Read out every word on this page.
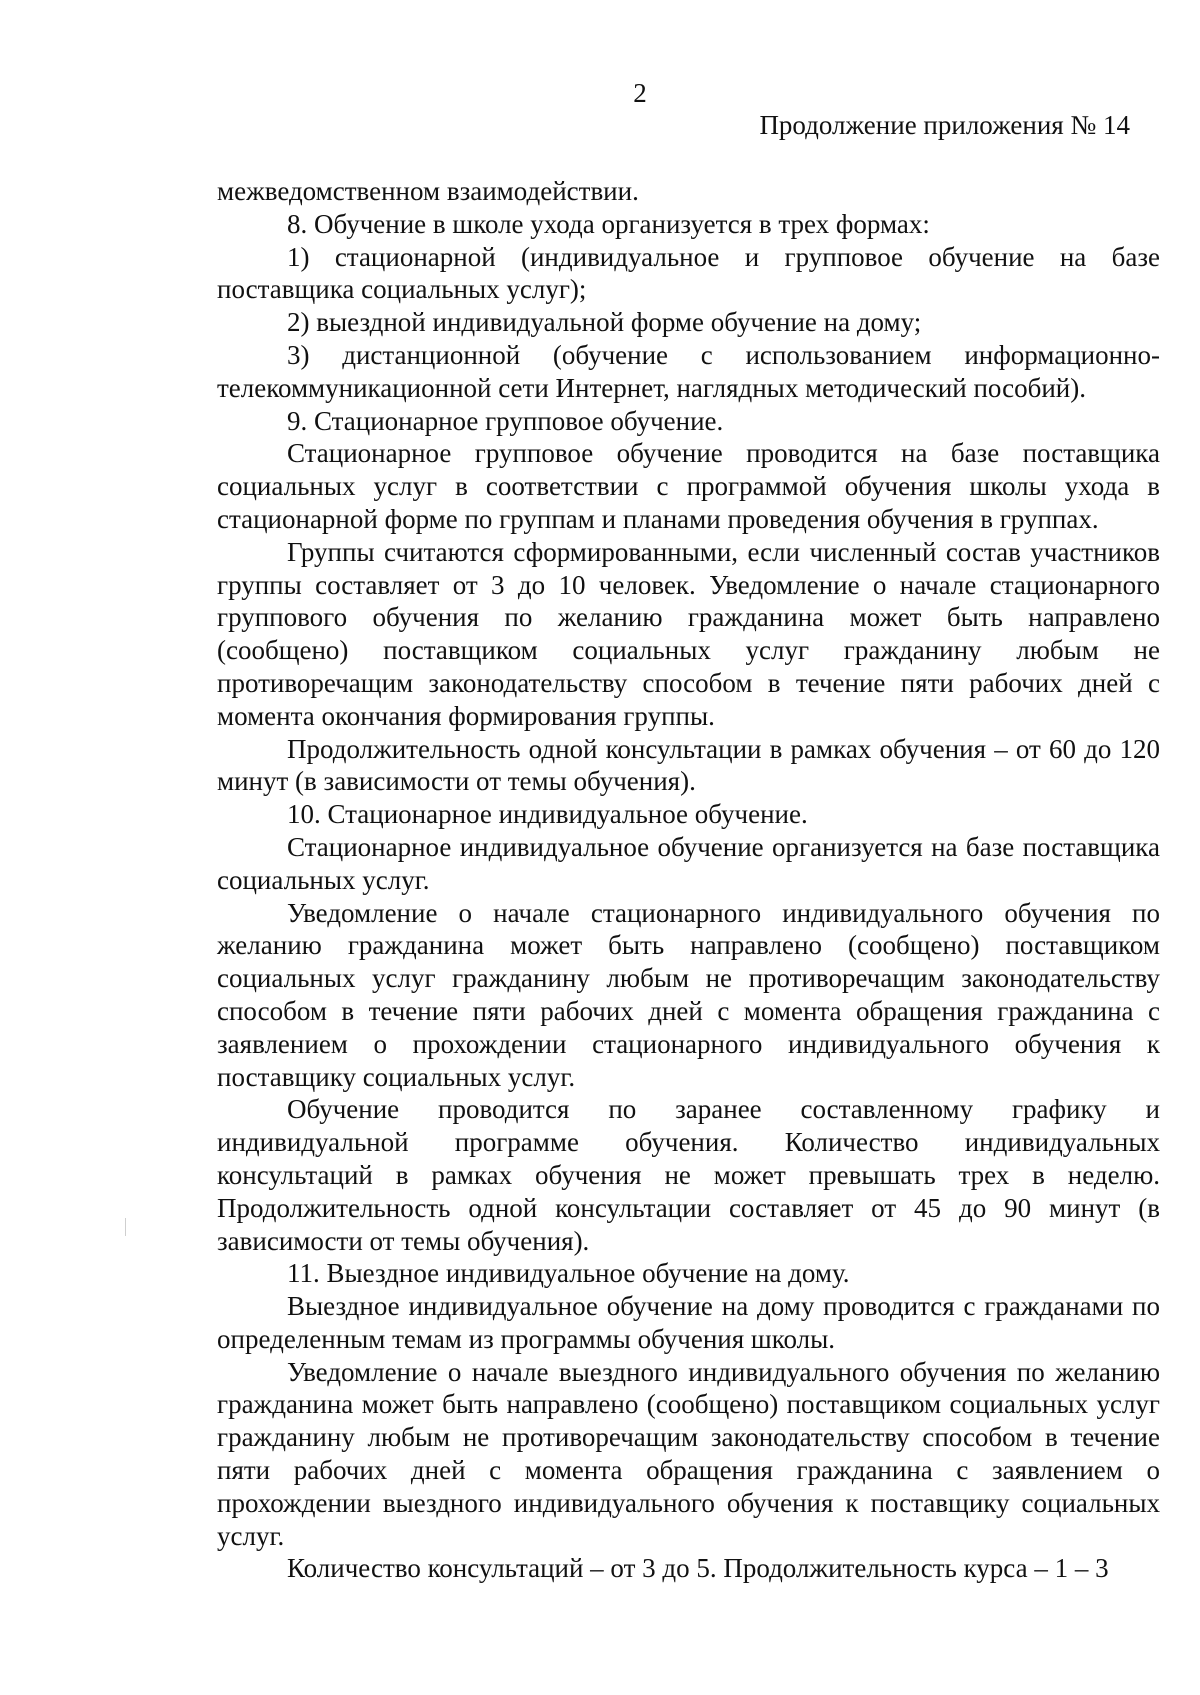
2
Продолжение приложения № 14

межведомственном взаимодействии.

8. Обучение в школе ухода организуется в трех формах:

1) стационарной (индивидуальное и групповое обучение на базе поставщика социальных услуг);

2) выездной индивидуальной форме обучение на дому;

3) дистанционной (обучение с использованием информационно-телекоммуникационной сети Интернет, наглядных методический пособий).

9. Стационарное групповое обучение.

Стационарное групповое обучение проводится на базе поставщика социальных услуг в соответствии с программой обучения школы ухода в стационарной форме по группам и планами проведения обучения в группах.

Группы считаются сформированными, если численный состав участников группы составляет от 3 до 10 человек. Уведомление о начале стационарного группового обучения по желанию гражданина может быть направлено (сообщено) поставщиком социальных услуг гражданину любым не противоречащим законодательству способом в течение пяти рабочих дней с момента окончания формирования группы.

Продолжительность одной консультации в рамках обучения – от 60 до 120 минут (в зависимости от темы обучения).

10. Стационарное индивидуальное обучение.

Стационарное индивидуальное обучение организуется на базе поставщика социальных услуг.

Уведомление о начале стационарного индивидуального обучения по желанию гражданина может быть направлено (сообщено) поставщиком социальных услуг гражданину любым не противоречащим законодательству способом в течение пяти рабочих дней с момента обращения гражданина с заявлением о прохождении стационарного индивидуального обучения к поставщику социальных услуг.

Обучение проводится по заранее составленному графику и индивидуальной программе обучения. Количество индивидуальных консультаций в рамках обучения не может превышать трех в неделю. Продолжительность одной консультации составляет от 45 до 90 минут (в зависимости от темы обучения).

11. Выездное индивидуальное обучение на дому.

Выездное индивидуальное обучение на дому проводится с гражданами по определенным темам из программы обучения школы.

Уведомление о начале выездного индивидуального обучения по желанию гражданина может быть направлено (сообщено) поставщиком социальных услуг гражданину любым не противоречащим законодательству способом в течение пяти рабочих дней с момента обращения гражданина с заявлением о прохождении выездного индивидуального обучения к поставщику социальных услуг.

Количество консультаций – от 3 до 5. Продолжительность курса – 1 – 3
